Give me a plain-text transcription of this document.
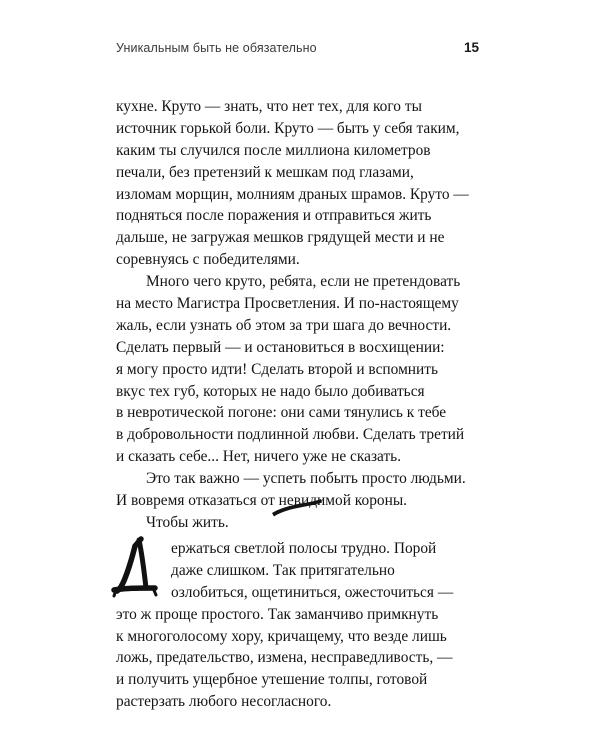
Уникальным быть не обязательно	15
кухне. Круто — знать, что нет тех, для кого ты
источник горькой боли. Круто — быть у себя таким,
каким ты случился после миллиона километров
печали, без претензий к мешкам под глазами,
изломам морщин, молниям драных шрамов. Круто —
подняться после поражения и отправиться жить
дальше, не загружая мешков грядущей мести и не
соревнуясь с победителями.
Много чего круто, ребята, если не претендовать
на место Магистра Просветления. И по-настоящему
жаль, если узнать об этом за три шага до вечности.
Сделать первый — и остановиться в восхищении:
я могу просто идти! Сделать второй и вспомнить
вкус тех губ, которых не надо было добиваться
в невротической погоне: они сами тянулись к тебе
в добровольности подлинной любви. Сделать третий
и сказать себе... Нет, ничего уже не сказать.
Это так важно — успеть побыть просто людьми.
И вовремя отказаться от невидимой короны.
Чтобы жить.
ержаться светлой полосы трудно. Порой
даже слишком. Так притягательно
озлобиться, ощетиниться, ожесточиться —
это ж проще простого. Так заманчиво примкнуть
к многоголосому хору, кричащему, что везде лишь
ложь, предательство, измена, несправедливость, —
и получить ущербное утешение толпы, готовой
растерзать любого несогласного.
